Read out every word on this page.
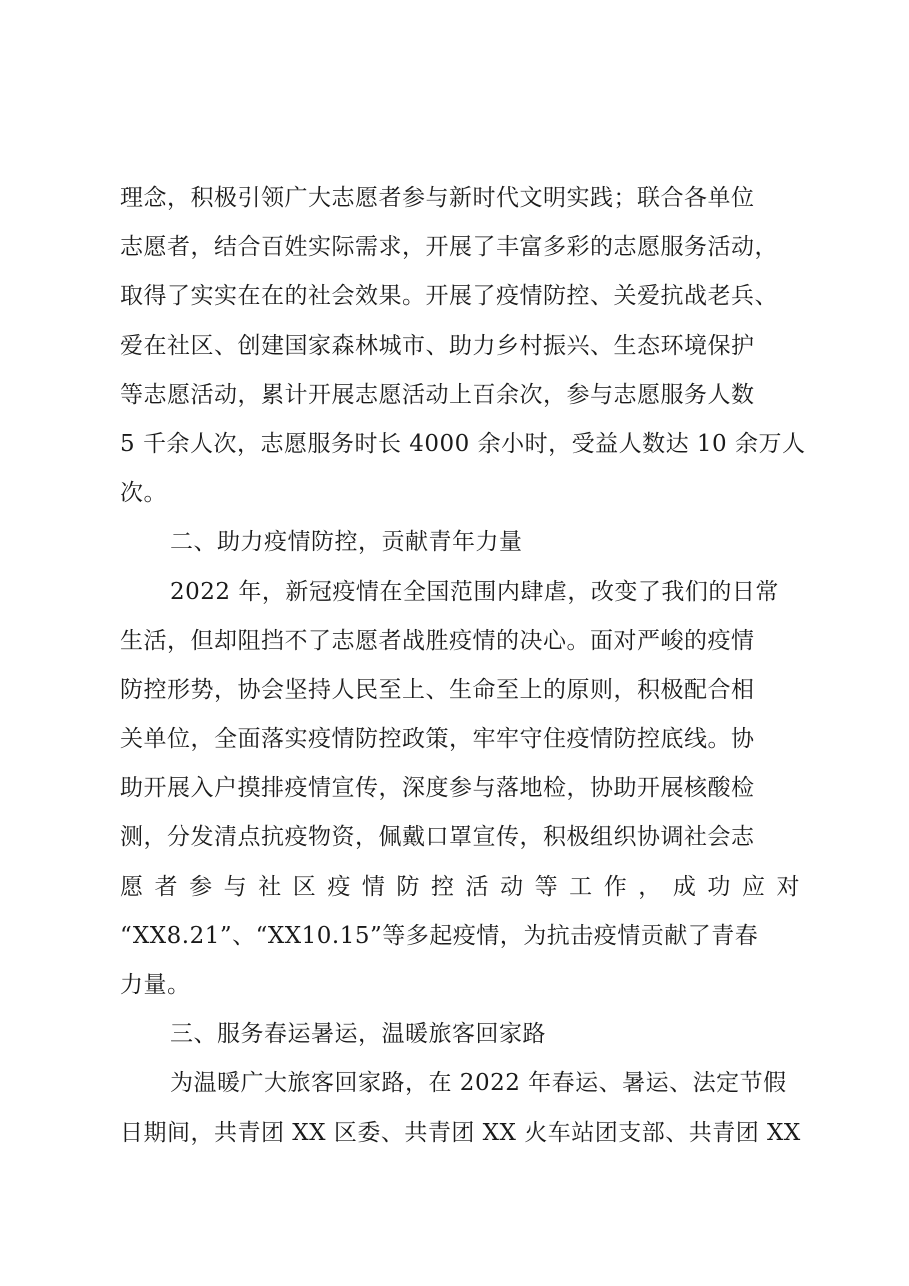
理念，积极引领广大志愿者参与新时代文明实践；联合各单位
志愿者，结合百姓实际需求，开展了丰富多彩的志愿服务活动，
取得了实实在在的社会效果。开展了疫情防控、关爱抗战老兵、
爱在社区、创建国家森林城市、助力乡村振兴、生态环境保护
等志愿活动，累计开展志愿活动上百余次，参与志愿服务人数
5 千余人次，志愿服务时长 4000 余小时，受益人数达 10 余万人
次。
二、助力疫情防控，贡献青年力量
2022 年，新冠疫情在全国范围内肆虐，改变了我们的日常
生活，但却阻挡不了志愿者战胜疫情的决心。面对严峻的疫情
防控形势，协会坚持人民至上、生命至上的原则，积极配合相
关单位，全面落实疫情防控政策，牢牢守住疫情防控底线。协
助开展入户摸排疫情宣传，深度参与落地检，协助开展核酸检
测，分发清点抗疫物资，佩戴口罩宣传，积极组织协调社会志
愿者参与社区疫情防控活动等工作，成功应对
“XX8.21”、“XX10.15”等多起疫情，为抗击疫情贡献了青春
力量。
三、服务春运暑运，温暖旅客回家路
为温暖广大旅客回家路，在 2022 年春运、暑运、法定节假
日期间，共青团 XX 区委、共青团 XX 火车站团支部、共青团 XX
